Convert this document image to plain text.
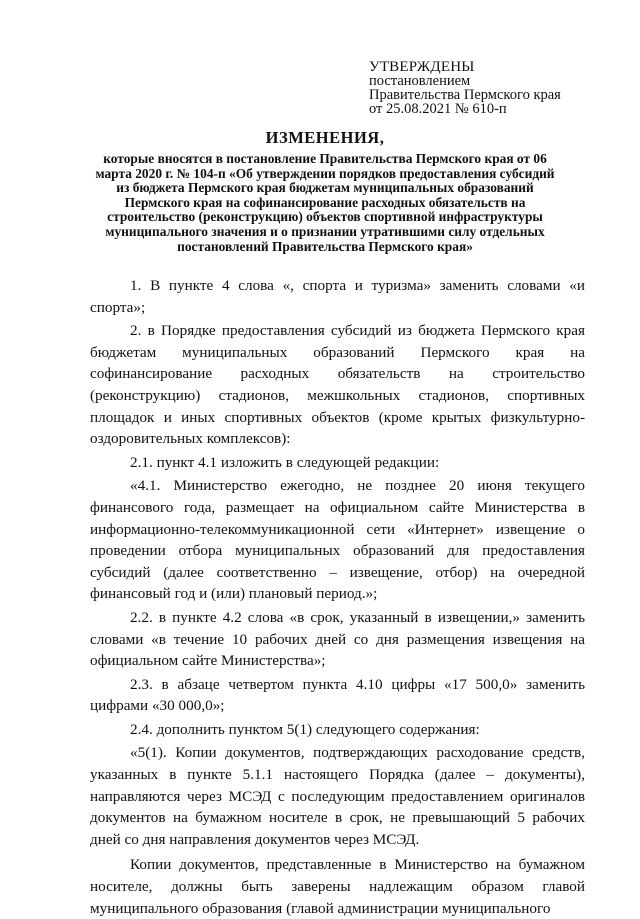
УТВЕРЖДЕНЫ
постановлением
Правительства Пермского края
от 25.08.2021 № 610-п
ИЗМЕНЕНИЯ,
которые вносятся в постановление Правительства Пермского края от 06 марта 2020 г. № 104-п «Об утверждении порядков предоставления субсидий из бюджета Пермского края бюджетам муниципальных образований Пермского края на софинансирование расходных обязательств на строительство (реконструкцию) объектов спортивной инфраструктуры муниципального значения и о признании утратившими силу отдельных постановлений Правительства Пермского края»

1. В пункте 4 слова «, спорта и туризма» заменить словами «и спорта»;

2. в Порядке предоставления субсидий из бюджета Пермского края бюджетам муниципальных образований Пермского края на софинансирование расходных обязательств на строительство (реконструкцию) стадионов, межшкольных стадионов, спортивных площадок и иных спортивных объектов (кроме крытых физкультурно-оздоровительных комплексов):

2.1. пункт 4.1 изложить в следующей редакции:

«4.1. Министерство ежегодно, не позднее 20 июня текущего финансового года, размещает на официальном сайте Министерства в информационно-телекоммуникационной сети «Интернет» извещение о проведении отбора муниципальных образований для предоставления субсидий (далее соответственно – извещение, отбор) на очередной финансовый год и (или) плановый период.»;

2.2. в пункте 4.2 слова «в срок, указанный в извещении,» заменить словами «в течение 10 рабочих дней со дня размещения извещения на официальном сайте Министерства»;

2.3. в абзаце четвертом пункта 4.10 цифры «17 500,0» заменить цифрами «30 000,0»;

2.4. дополнить пунктом 5(1) следующего содержания:

«5(1). Копии документов, подтверждающих расходование средств, указанных в пункте 5.1.1 настоящего Порядка (далее – документы), направляются через МСЭД с последующим предоставлением оригиналов документов на бумажном носителе в срок, не превышающий 5 рабочих дней со дня направления документов через МСЭД.

Копии документов, представленные в Министерство на бумажном носителе, должны быть заверены надлежащим образом главой муниципального образования (главой администрации муниципального
